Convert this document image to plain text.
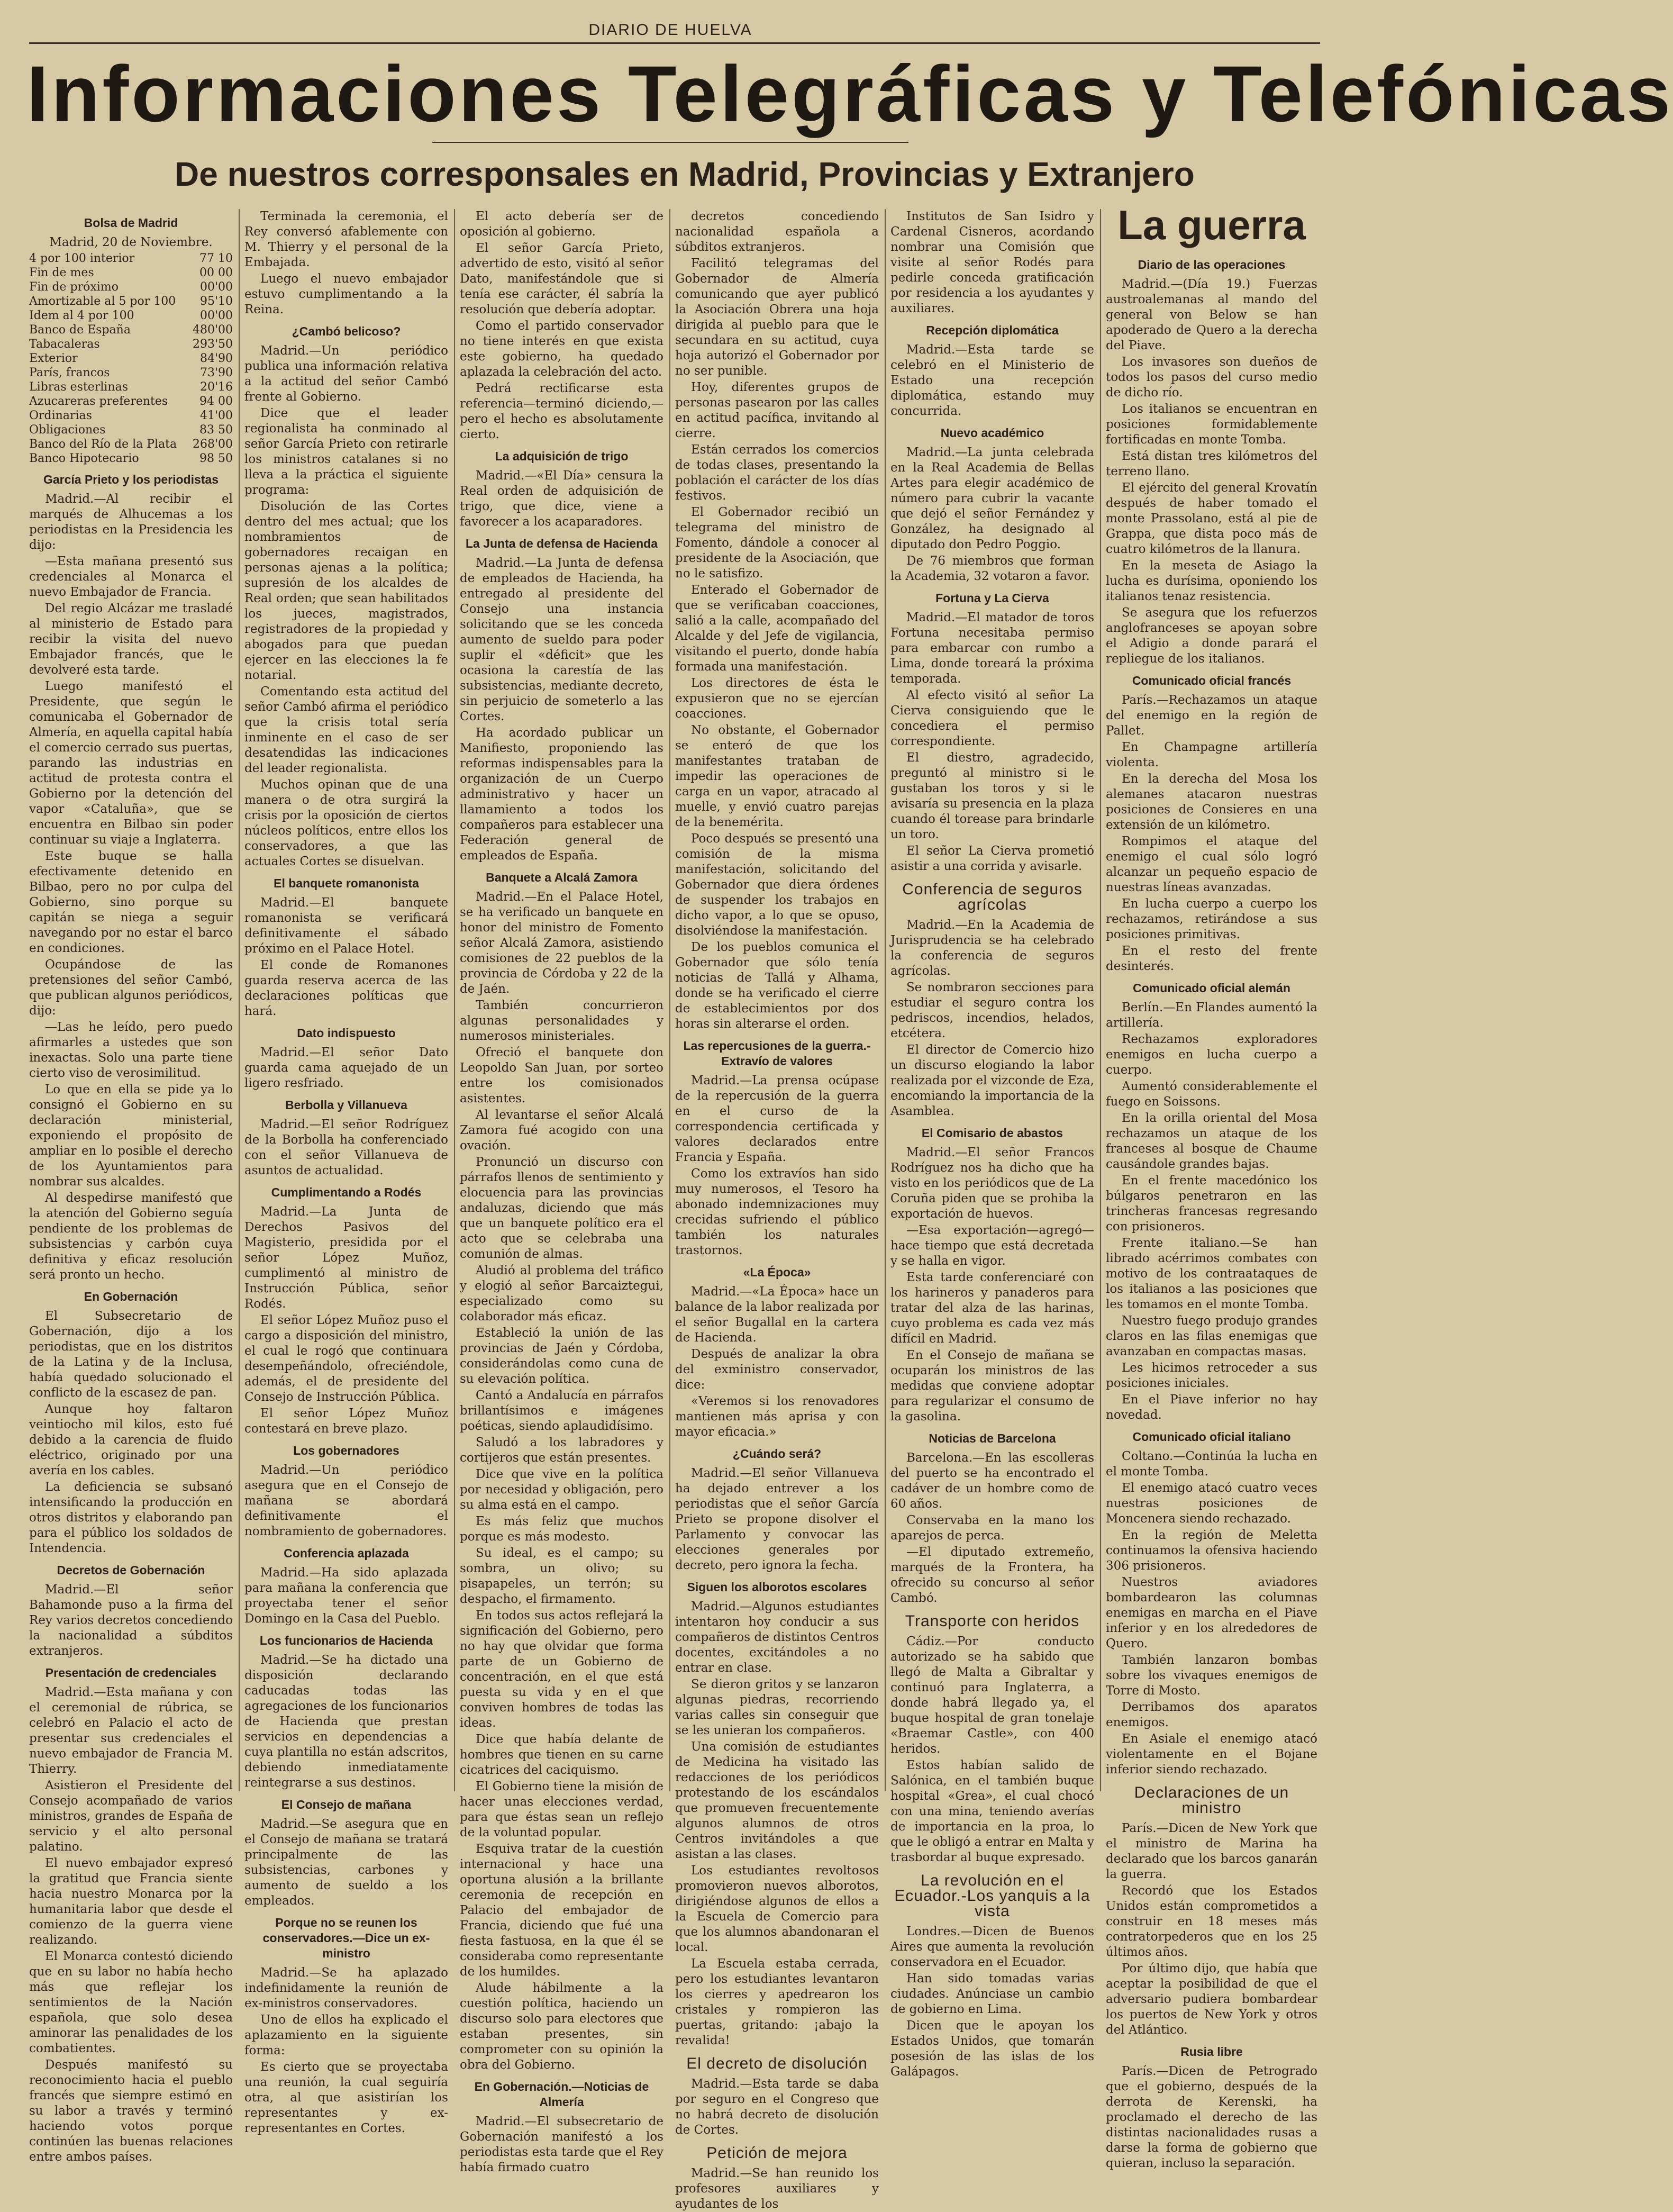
DIARIO DE HUELVA
Informaciones Telegráficas y Telefónicas
De nuestros corresponsales en Madrid, Provincias y Extranjero
Bolsa de Madrid

Madrid, 20 de Noviembre.

4 por 100 interior	77 10
Fin de mes	00 00
Fin de próximo	00'00
Amortizable al 5 por 100	95'10
Idem al 4 por 100	00'00
Banco de España	480'00
Tabacaleras	293'50
Exterior	84'90
París, francos	73'90
Libras esterlinas	20'16
Azucareras preferentes	94 00
Ordinarias	41'00
Obligaciones	83 50
Banco del Río de la Plata	268'00
Banco Hipotecario	98 50
García Prieto y los periodistas

Madrid.—Al recibir el marqués de Alhucemas a los periodistas en la Presidencia les dijo:

—Esta mañana presentó sus credenciales al Monarca el nuevo Embajador de Francia.

Del regio Alcázar me trasladé al ministerio de Estado para recibir la visita del nuevo Embajador francés, que le devolveré esta tarde.

Luego manifestó el Presidente, que según le comunicaba el Gobernador de Almería, en aquella capital había el comercio cerrado sus puertas, parando las industrias en actitud de protesta contra el Gobierno por la detención del vapor «Cataluña», que se encuentra en Bilbao sin poder continuar su viaje a Inglaterra.

Este buque se halla efectivamente detenido en Bilbao, pero no por culpa del Gobierno, sino porque su capitán se niega a seguir navegando por no estar el barco en condiciones.

Ocupándose de las pretensiones del señor Cambó, que publican algunos periódicos, dijo:

—Las he leído, pero puedo afirmarles a ustedes que son inexactas. Solo una parte tiene cierto viso de verosimilitud.

Lo que en ella se pide ya lo consignó el Gobierno en su declaración ministerial, exponiendo el propósito de ampliar en lo posible el derecho de los Ayuntamientos para nombrar sus alcaldes.

Al despedirse manifestó que la atención del Gobierno seguía pendiente de los problemas de subsistencias y carbón cuya definitiva y eficaz resolución será pronto un hecho.

En Gobernación

El Subsecretario de Gobernación, dijo a los periodistas, que en los distritos de la Latina y de la Inclusa, había quedado solucionado el conflicto de la escasez de pan.

Aunque hoy faltaron veintiocho mil kilos, esto fué debido a la carencia de fluido eléctrico, originado por una avería en los cables.

La deficiencia se subsanó intensificando la producción en otros distritos y elaborando pan para el público los soldados de Intendencia.

Decretos de Gobernación

Madrid.—El señor Bahamonde puso a la firma del Rey varios decretos concediendo la nacionalidad a súbditos extranjeros.

Presentación de credenciales

Madrid.—Esta mañana y con el ceremonial de rúbrica, se celebró en Palacio el acto de presentar sus credenciales el nuevo embajador de Francia M. Thierry.

Asistieron el Presidente del Consejo acompañado de varios ministros, grandes de España de servicio y el alto personal palatino.

El nuevo embajador expresó la gratitud que Francia siente hacia nuestro Monarca por la humanitaria labor que desde el comienzo de la guerra viene realizando.

El Monarca contestó diciendo que en su labor no había hecho más que reflejar los sentimientos de la Nación española, que solo desea aminorar las penalidades de los combatientes.

Después manifestó su reconocimiento hacia el pueblo francés que siempre estimó en su labor a través y terminó haciendo votos porque continúen las buenas relaciones entre ambos países.

Terminada la ceremonia, el Rey conversó afablemente con M. Thierry y el personal de la Embajada.

Luego el nuevo embajador estuvo cumplimentando a la Reina.

¿Cambó belicoso?

Madrid.—Un periódico publica una información relativa a la actitud del señor Cambó frente al Gobierno.

Dice que el leader regionalista ha conminado al señor García Prieto con retirarle los ministros catalanes si no lleva a la práctica el siguiente programa:

Disolución de las Cortes dentro del mes actual; que los nombramientos de gobernadores recaigan en personas ajenas a la política; supresión de los alcaldes de Real orden; que sean habilitados los jueces, magistrados, registradores de la propiedad y abogados para que puedan ejercer en las elecciones la fe notarial.

Comentando esta actitud del señor Cambó afirma el periódico que la crisis total sería inminente en el caso de ser desatendidas las indicaciones del leader regionalista.

Muchos opinan que de una manera o de otra surgirá la crisis por la oposición de ciertos núcleos políticos, entre ellos los conservadores, a que las actuales Cortes se disuelvan.

El banquete romanonista

Madrid.—El banquete romanonista se verificará definitivamente el sábado próximo en el Palace Hotel.

El conde de Romanones guarda reserva acerca de las declaraciones políticas que hará.

Dato indispuesto

Madrid.—El señor Dato guarda cama aquejado de un ligero resfriado.

Berbolla y Villanueva

Madrid.—El señor Rodríguez de la Borbolla ha conferenciado con el señor Villanueva de asuntos de actualidad.

Cumplimentando a Rodés

Madrid.—La Junta de Derechos Pasivos del Magisterio, presidida por el señor López Muñoz, cumplimentó al ministro de Instrucción Pública, señor Rodés.

El señor López Muñoz puso el cargo a disposición del ministro, el cual le rogó que continuara desempeñándolo, ofreciéndole, además, el de presidente del Consejo de Instrucción Pública.

El señor López Muñoz contestará en breve plazo.

Los gobernadores

Madrid.—Un periódico asegura que en el Consejo de mañana se abordará definitivamente el nombramiento de gobernadores.

Conferencia aplazada

Madrid.—Ha sido aplazada para mañana la conferencia que proyectaba tener el señor Domingo en la Casa del Pueblo.

Los funcionarios de Hacienda

Madrid.—Se ha dictado una disposición declarando caducadas todas las agregaciones de los funcionarios de Hacienda que prestan servicios en dependencias a cuya plantilla no están adscritos, debiendo inmediatamente reintegrarse a sus destinos.

El Consejo de mañana

Madrid.—Se asegura que en el Consejo de mañana se tratará principalmente de las subsistencias, carbones y aumento de sueldo a los empleados.

Porque no se reunen los conservadores.—Dice un ex-ministro

Madrid.—Se ha aplazado indefinidamente la reunión de ex-ministros conservadores.

Uno de ellos ha explicado el aplazamiento en la siguiente forma:

Es cierto que se proyectaba una reunión, la cual seguiría otra, al que asistirían los representantes y ex-representantes en Cortes.

El acto debería ser de oposición al gobierno.

El señor García Prieto, advertido de esto, visitó al señor Dato, manifestándole que si tenía ese carácter, él sabría la resolución que debería adoptar.

Como el partido conservador no tiene interés en que exista este gobierno, ha quedado aplazada la celebración del acto.

Pedrá rectificarse esta referencia—terminó diciendo,—pero el hecho es absolutamente cierto.

La adquisición de trigo

Madrid.—«El Día» censura la Real orden de adquisición de trigo, que dice, viene a favorecer a los acaparadores.

La Junta de defensa de Hacienda

Madrid.—La Junta de defensa de empleados de Hacienda, ha entregado al presidente del Consejo una instancia solicitando que se les conceda aumento de sueldo para poder suplir el «déficit» que les ocasiona la carestía de las subsistencias, mediante decreto, sin perjuicio de someterlo a las Cortes.

Ha acordado publicar un Manifiesto, proponiendo las reformas indispensables para la organización de un Cuerpo administrativo y hacer un llamamiento a todos los compañeros para establecer una Federación general de empleados de España.

Banquete a Alcalá Zamora

Madrid.—En el Palace Hotel, se ha verificado un banquete en honor del ministro de Fomento señor Alcalá Zamora, asistiendo comisiones de 22 pueblos de la provincia de Córdoba y 22 de la de Jaén.

También concurrieron algunas personalidades y numerosos ministeriales.

Ofreció el banquete don Leopoldo San Juan, por sorteo entre los comisionados asistentes.

Al levantarse el señor Alcalá Zamora fué acogido con una ovación.

Pronunció un discurso con párrafos llenos de sentimiento y elocuencia para las provincias andaluzas, diciendo que más que un banquete político era el acto que se celebraba una comunión de almas.

Aludió al problema del tráfico y elogió al señor Barcaiztegui, especializado como su colaborador más eficaz.

Estableció la unión de las provincias de Jaén y Córdoba, considerándolas como cuna de su elevación política.

Cantó a Andalucía en párrafos brillantísimos e imágenes poéticas, siendo aplaudidísimo.

Saludó a los labradores y cortijeros que están presentes.

Dice que vive en la política por necesidad y obligación, pero su alma está en el campo.

Es más feliz que muchos porque es más modesto.

Su ideal, es el campo; su sombra, un olivo; su pisapapeles, un terrón; su despacho, el firmamento.

En todos sus actos reflejará la significación del Gobierno, pero no hay que olvidar que forma parte de un Gobierno de concentración, en el que está puesta su vida y en el que conviven hombres de todas las ideas.

Dice que había delante de hombres que tienen en su carne cicatrices del caciquismo.

El Gobierno tiene la misión de hacer unas elecciones verdad, para que éstas sean un reflejo de la voluntad popular.

Esquiva tratar de la cuestión internacional y hace una oportuna alusión a la brillante ceremonia de recepción en Palacio del embajador de Francia, diciendo que fué una fiesta fastuosa, en la que él se consideraba como representante de los humildes.

Alude hábilmente a la cuestión política, haciendo un discurso solo para electores que estaban presentes, sin comprometer con su opinión la obra del Gobierno.

En Gobernación.—Noticias de Almería

Madrid.—El subsecretario de Gobernación manifestó a los periodistas esta tarde que el Rey había firmado cuatro

decretos concediendo nacionalidad española a súbditos extranjeros.

Facilitó telegramas del Gobernador de Almería comunicando que ayer publicó la Asociación Obrera una hoja dirigida al pueblo para que le secundara en su actitud, cuya hoja autorizó el Gobernador por no ser punible.

Hoy, diferentes grupos de personas pasearon por las calles en actitud pacífica, invitando al cierre.

Están cerrados los comercios de todas clases, presentando la población el carácter de los días festivos.

El Gobernador recibió un telegrama del ministro de Fomento, dándole a conocer al presidente de la Asociación, que no le satisfizo.

Enterado el Gobernador de que se verificaban coacciones, salió a la calle, acompañado del Alcalde y del Jefe de vigilancia, visitando el puerto, donde había formada una manifestación.

Los directores de ésta le expusieron que no se ejercían coacciones.

No obstante, el Gobernador se enteró de que los manifestantes trataban de impedir las operaciones de carga en un vapor, atracado al muelle, y envió cuatro parejas de la benemérita.

Poco después se presentó una comisión de la misma manifestación, solicitando del Gobernador que diera órdenes de suspender los trabajos en dicho vapor, a lo que se opuso, disolviéndose la manifestación.

De los pueblos comunica el Gobernador que sólo tenía noticias de Tallá y Alhama, donde se ha verificado el cierre de establecimientos por dos horas sin alterarse el orden.

Las repercusiones de la guerra.-Extravío de valores

Madrid.—La prensa ocúpase de la repercusión de la guerra en el curso de la correspondencia certificada y valores declarados entre Francia y España.

Como los extravíos han sido muy numerosos, el Tesoro ha abonado indemnizaciones muy crecidas sufriendo el público también los naturales trastornos.

«La Época»

Madrid.—«La Época» hace un balance de la labor realizada por el señor Bugallal en la cartera de Hacienda.

Después de analizar la obra del exministro conservador, dice:

«Veremos si los renovadores mantienen más aprisa y con mayor eficacia.»

¿Cuándo será?

Madrid.—El señor Villanueva ha dejado entrever a los periodistas que el señor García Prieto se propone disolver el Parlamento y convocar las elecciones generales por decreto, pero ignora la fecha.

Siguen los alborotos escolares

Madrid.—Algunos estudiantes intentaron hoy conducir a sus compañeros de distintos Centros docentes, excitándoles a no entrar en clase.

Se dieron gritos y se lanzaron algunas piedras, recorriendo varias calles sin conseguir que se les unieran los compañeros.

Una comisión de estudiantes de Medicina ha visitado las redacciones de los periódicos protestando de los escándalos que promueven frecuentemente algunos alumnos de otros Centros invitándoles a que asistan a las clases.

Los estudiantes revoltosos promovieron nuevos alborotos, dirigiéndose algunos de ellos a la Escuela de Comercio para que los alumnos abandonaran el local.

La Escuela estaba cerrada, pero los estudiantes levantaron los cierres y apedrearon los cristales y rompieron las puertas, gritando: ¡abajo la revalida!

El decreto de disolución

Madrid.—Esta tarde se daba por seguro en el Congreso que no habrá decreto de disolución de Cortes.

Petición de mejora

Madrid.—Se han reunido los profesores auxiliares y ayudantes de los

Institutos de San Isidro y Cardenal Cisneros, acordando nombrar una Comisión que visite al señor Rodés para pedirle conceda gratificación por residencia a los ayudantes y auxiliares.

Recepción diplomática

Madrid.—Esta tarde se celebró en el Ministerio de Estado una recepción diplomática, estando muy concurrida.

Nuevo académico

Madrid.—La junta celebrada en la Real Academia de Bellas Artes para elegir académico de número para cubrir la vacante que dejó el señor Fernández y González, ha designado al diputado don Pedro Poggio.

De 76 miembros que forman la Academia, 32 votaron a favor.

Fortuna y La Cierva

Madrid.—El matador de toros Fortuna necesitaba permiso para embarcar con rumbo a Lima, donde toreará la próxima temporada.

Al efecto visitó al señor La Cierva consiguiendo que le concediera el permiso correspondiente.

El diestro, agradecido, preguntó al ministro si le gustaban los toros y si le avisaría su presencia en la plaza cuando él torease para brindarle un toro.

El señor La Cierva prometió asistir a una corrida y avisarle.

Conferencia de seguros agrícolas

Madrid.—En la Academia de Jurisprudencia se ha celebrado la conferencia de seguros agrícolas.

Se nombraron secciones para estudiar el seguro contra los pedriscos, incendios, helados, etcétera.

El director de Comercio hizo un discurso elogiando la labor realizada por el vizconde de Eza, encomiando la importancia de la Asamblea.

El Comisario de abastos

Madrid.—El señor Francos Rodríguez nos ha dicho que ha visto en los periódicos que de La Coruña piden que se prohiba la exportación de huevos.

—Esa exportación—agregó—hace tiempo que está decretada y se halla en vigor.

Esta tarde conferenciaré con los harineros y panaderos para tratar del alza de las harinas, cuyo problema es cada vez más difícil en Madrid.

En el Consejo de mañana se ocuparán los ministros de las medidas que conviene adoptar para regularizar el consumo de la gasolina.

Noticias de Barcelona

Barcelona.—En las escolleras del puerto se ha encontrado el cadáver de un hombre como de 60 años.

Conservaba en la mano los aparejos de perca.

—El diputado extremeño, marqués de la Frontera, ha ofrecido su concurso al señor Cambó.

Transporte con heridos

Cádiz.—Por conducto autorizado se ha sabido que llegó de Malta a Gibraltar y continuó para Inglaterra, a donde habrá llegado ya, el buque hospital de gran tonelaje «Braemar Castle», con 400 heridos.

Estos habían salido de Salónica, en el también buque hospital «Grea», el cual chocó con una mina, teniendo averías de importancia en la proa, lo que le obligó a entrar en Malta y trasbordar al buque expresado.

La revolución en el Ecuador.-Los yanquis a la vista

Londres.—Dicen de Buenos Aires que aumenta la revolución conservadora en el Ecuador.

Han sido tomadas varias ciudades. Anúnciase un cambio de gobierno en Lima.

Dicen que le apoyan los Estados Unidos, que tomarán posesión de las islas de los Galápagos.

La guerra
Diario de las operaciones

Madrid.—(Día 19.) Fuerzas austroalemanas al mando del general von Below se han apoderado de Quero a la derecha del Piave.

Los invasores son dueños de todos los pasos del curso medio de dicho río.

Los italianos se encuentran en posiciones formidablemente fortificadas en monte Tomba.

Está distan tres kilómetros del terreno llano.

El ejército del general Krovatín después de haber tomado el monte Prassolano, está al pie de Grappa, que dista poco más de cuatro kilómetros de la llanura.

En la meseta de Asiago la lucha es durísima, oponiendo los italianos tenaz resistencia.

Se asegura que los refuerzos anglofranceses se apoyan sobre el Adigio a donde parará el repliegue de los italianos.

Comunicado oficial francés

París.—Rechazamos un ataque del enemigo en la región de Pallet.

En Champagne artillería violenta.

En la derecha del Mosa los alemanes atacaron nuestras posiciones de Consieres en una extensión de un kilómetro.

Rompimos el ataque del enemigo el cual sólo logró alcanzar un pequeño espacio de nuestras líneas avanzadas.

En lucha cuerpo a cuerpo los rechazamos, retirándose a sus posiciones primitivas.

En el resto del frente desinterés.

Comunicado oficial alemán

Berlín.—En Flandes aumentó la artillería.

Rechazamos exploradores enemigos en lucha cuerpo a cuerpo.

Aumentó considerablemente el fuego en Soissons.

En la orilla oriental del Mosa rechazamos un ataque de los franceses al bosque de Chaume causándole grandes bajas.

En el frente macedónico los búlgaros penetraron en las trincheras francesas regresando con prisioneros.

Frente italiano.—Se han librado acérrimos combates con motivo de los contraataques de los italianos a las posiciones que les tomamos en el monte Tomba.

Nuestro fuego produjo grandes claros en las filas enemigas que avanzaban en compactas masas.

Les hicimos retroceder a sus posiciones iniciales.

En el Piave inferior no hay novedad.

Comunicado oficial italiano

Coltano.—Continúa la lucha en el monte Tomba.

El enemigo atacó cuatro veces nuestras posiciones de Moncenera siendo rechazado.

En la región de Meletta continuamos la ofensiva haciendo 306 prisioneros.

Nuestros aviadores bombardearon las columnas enemigas en marcha en el Piave inferior y en los alrededores de Quero.

También lanzaron bombas sobre los vivaques enemigos de Torre di Mosto.

Derribamos dos aparatos enemigos.

En Asiale el enemigo atacó violentamente en el Bojane inferior siendo rechazado.

Declaraciones de un ministro

París.—Dicen de New York que el ministro de Marina ha declarado que los barcos ganarán la guerra.

Recordó que los Estados Unidos están comprometidos a construir en 18 meses más contratorpederos que en los 25 últimos años.

Por último dijo, que había que aceptar la posibilidad de que el adversario pudiera bombardear los puertos de New York y otros del Atlántico.

Rusia libre

París.—Dicen de Petrogrado que el gobierno, después de la derrota de Kerenski, ha proclamado el derecho de las distintas nacionalidades rusas a darse la forma de gobierno que quieran, incluso la separación.
